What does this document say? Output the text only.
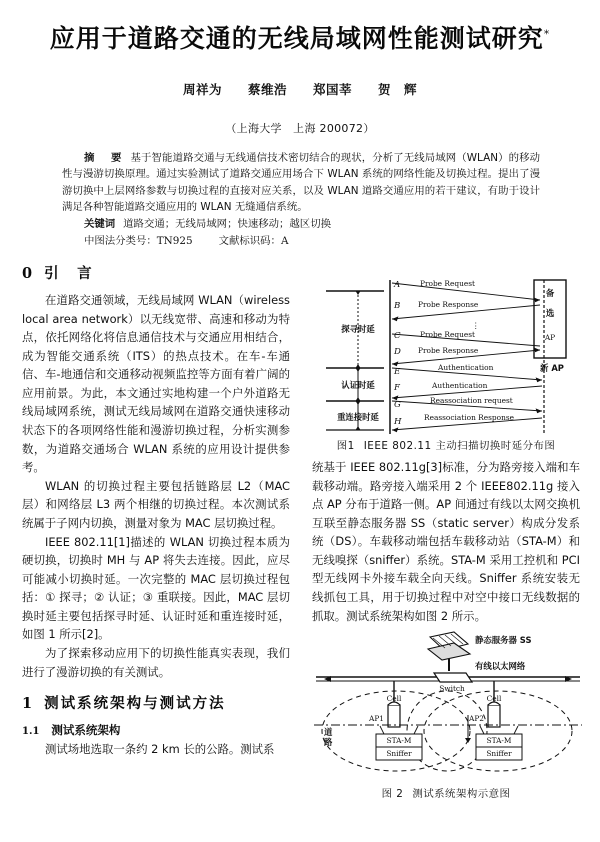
应用于道路交通的无线局域网性能测试研究*
周祥为　　蔡维浩　　郑国莘　　贺　辉
（上海大学　上海 200072）

摘　要 基于智能道路交通与无线通信技术密切结合的现状，分析了无线局域网（WLAN）的移动性与漫游切换原理。通过实验测试了道路交通应用场合下 WLAN 系统的网络性能及切换过程。提出了漫游切换中上层网络参数与切换过程的直接对应关系，以及 WLAN 道路交通应用的若干建议，有助于设计满足各种智能道路交通应用的 WLAN 无缝通信系统。

关键词 道路交通；无线局域网；快速移动；越区切换

中图法分类号：TN925	文献标识码：A

0 引　言

在道路交通领域，无线局域网 WLAN（wireless local area network）以无线宽带、高速和移动为特点，依托网络化将信息通信技术与交通应用相结合，成为智能交通系统（ITS）的热点技术。在车-车通信、车-地通信和交通移动视频监控等方面有着广阔的应用前景。为此，本文通过实地构建一个户外道路无线局域网系统，测试无线局域网在道路交通快速移动状态下的各项网络性能和漫游切换过程，分析实测参数，为道路交通场合 WLAN 系统的应用设计提供参考。

WLAN 的切换过程主要包括链路层 L2（MAC 层）和网络层 L3 两个相继的切换过程。本次测试系统属于子网内切换，测量对象为 MAC 层切换过程。

IEEE 802.11[1]描述的 WLAN 切换过程本质为硬切换，切换时 MH 与 AP 将失去连接。因此，应尽可能减小切换时延。一次完整的 MAC 层切换过程包括：① 探寻；② 认证；③ 重联接。因此，MAC 层切换时延主要包括探寻时延、认证时延和重连接时延，如图 1 所示[2]。

为了探索移动应用下的切换性能真实表现，我们进行了漫游切换的有关测试。

1 测试系统架构与测试方法
1.1 测试系统架构

测试场地选取一条约 2 km 长的公路。测试系

探寻时延
认证时延
重连接时延
备
选
AP
新 AP
A	Probe Request
B Probe Response
⋮
C	Probe Request
D Probe Response
E	Authentication
F	Authentication
G	Reassociation request
H	Reassociation Response
图1 IEEE 802.11 主动扫描切换时延分布图

统基于 IEEE 802.11g[3]标准，分为路旁接入端和车载移动端。路旁接入端采用 2 个 IEEE802.11g 接入点 AP 分布于道路一侧。AP 间通过有线以太网交换机互联至静态服务器 SS（static server）构成分发系统（DS）。车载移动端包括车载移动站（STA-M）和无线嗅探（sniffer）系统。STA-M 采用工控机和 PCI 型无线网卡外接车载全向天线。Sniffer 系统安装无线抓包工具，用于切换过程中对空中接口无线数据的抓取。测试系统架构如图 2 所示。

静态服务器 SS
有线以太网络
Switch
AP1
Cell
AP2
Cell
道
路	STA-M
Sniffer
STA-M
Sniffer
图 2 测试系统架构示意图
